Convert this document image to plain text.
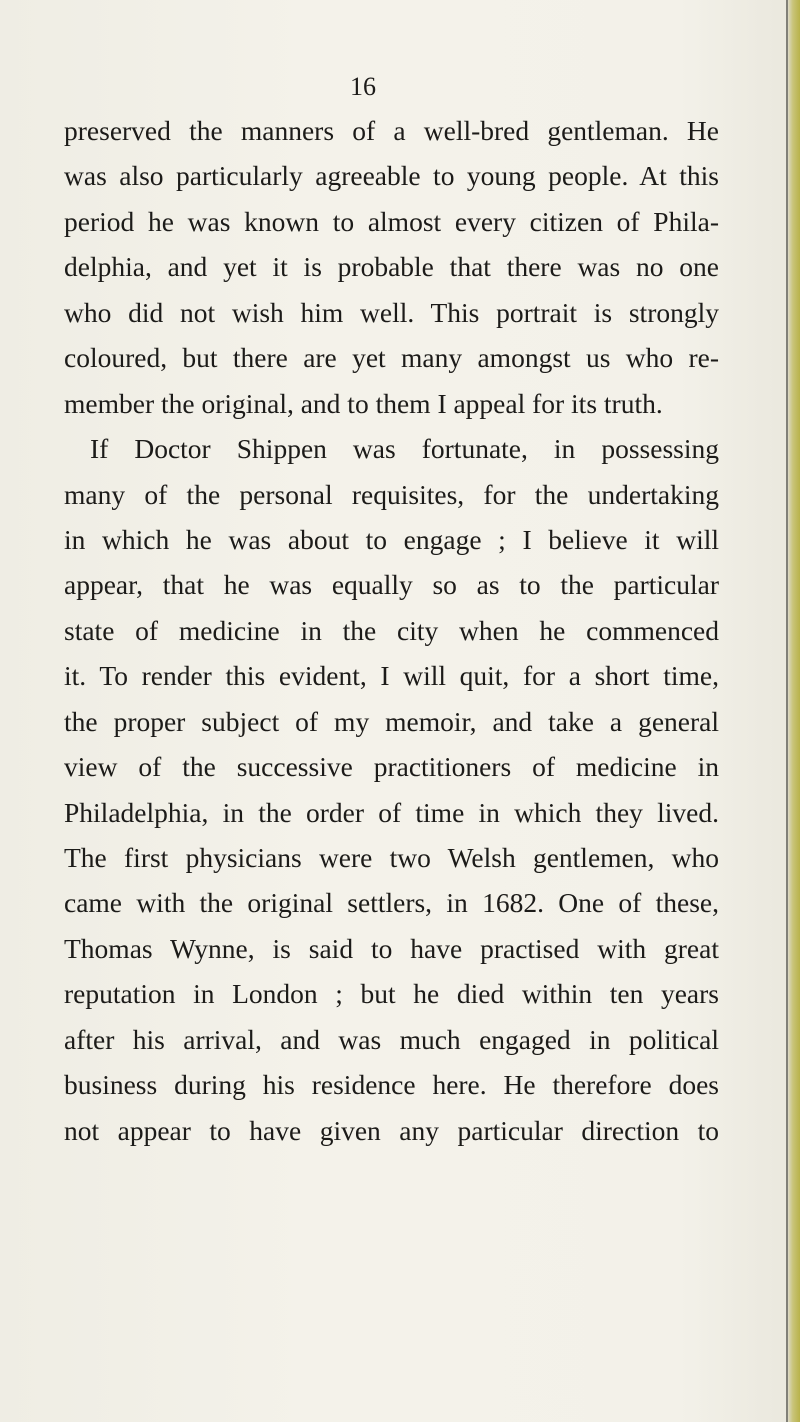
16
preserved the manners of a well-bred gentleman. He
was also particularly agreeable to young people. At this
period he was known to almost every citizen of Phila-
delphia, and yet it is probable that there was no one
who did not wish him well. This portrait is strongly
coloured, but there are yet many amongst us who re-
member the original, and to them I appeal for its truth.
If Doctor Shippen was fortunate, in possessing
many of the personal requisites, for the undertaking
in which he was about to engage ; I believe it will
appear, that he was equally so as to the particular
state of medicine in the city when he commenced
it. To render this evident, I will quit, for a short time,
the proper subject of my memoir, and take a general
view of the successive practitioners of medicine in
Philadelphia, in the order of time in which they lived.
The first physicians were two Welsh gentlemen, who
came with the original settlers, in 1682. One of these,
Thomas Wynne, is said to have practised with great
reputation in London ; but he died within ten years
after his arrival, and was much engaged in political
business during his residence here. He therefore does
not appear to have given any particular direction to
